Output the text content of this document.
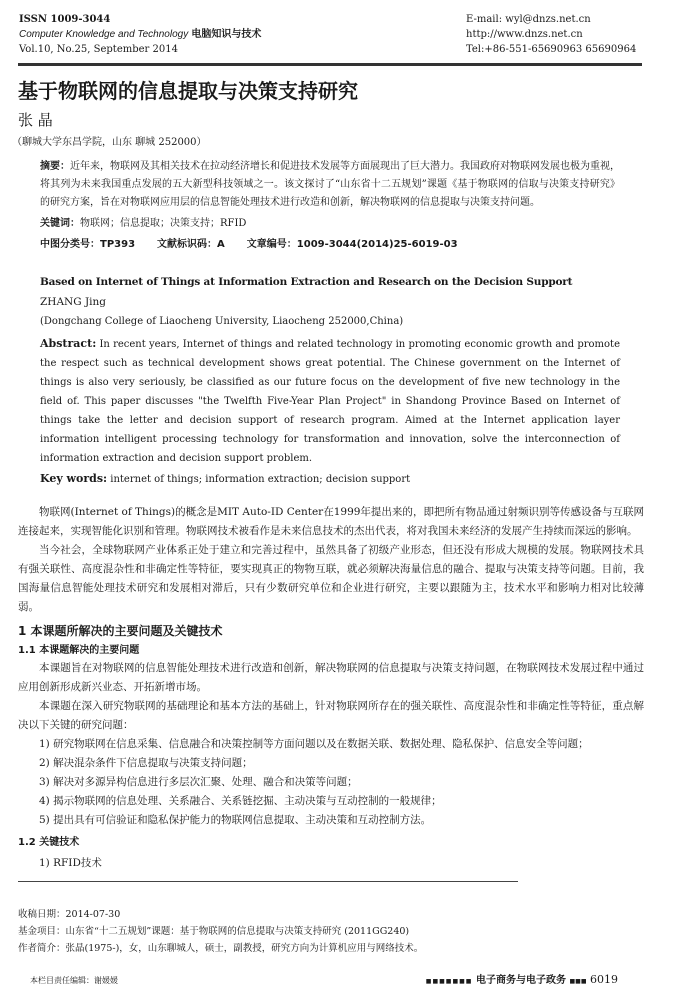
ISSN 1009-3044
Computer Knowledge and Technology 电脑知识与技术
Vol.10, No.25, September 2014
E-mail: wyl@dnzs.net.cn
http://www.dnzs.net.cn
Tel:+86-551-65690963 65690964
基于物联网的信息提取与决策支持研究
张 晶
（聊城大学东昌学院，山东 聊城 252000）
摘要：近年来，物联网及其相关技术在拉动经济增长和促进技术发展等方面展现出了巨大潜力。我国政府对物联网发展也极为重视，将其列为未来我国重点发展的五大新型科技领域之一。该文探讨了“山东省十二五规划”课题《基于物联网的信取与决策支持研究》的研究方案，旨在对物联网应用层的信息智能处理技术进行改造和创新，解决物联网的信息提取与决策支持问题。
关键词：物联网；信息提取；决策支持；RFID
中图分类号：TP393 文献标识码：A 文章编号：1009-3044(2014)25-6019-03
Based on Internet of Things at Information Extraction and Research on the Decision Support
ZHANG Jing
(Dongchang College of Liaocheng University, Liaocheng 252000,China)
Abstract: In recent years, Internet of things and related technology in promoting economic growth and promote the respect such as technical development shows great potential. The Chinese government on the Internet of things is also very seriously, be classified as our future focus on the development of five new technology in the field of. This paper discusses "the Twelfth Five-Year Plan Project" in Shandong Province Based on Internet of things take the letter and decision support of research program. Aimed at the Internet application layer information intelligent processing technology for transformation and innovation, solve the interconnection of information extraction and decision support problem.
Key words: internet of things; information extraction; decision support
物联网(Internet of Things)的概念是MIT Auto-ID Center在1999年提出来的，即把所有物品通过射频识别等传感设备与互联网连接起来，实现智能化识别和管理。物联网技术被看作是未来信息技术的杰出代表，将对我国未来经济的发展产生持续而深远的影响。
当今社会，全球物联网产业体系正处于建立和完善过程中，虽然具备了初级产业形态，但还没有形成大规模的发展。物联网技术具有强关联性、高度混杂性和非确定性等特征，要实现真正的物物互联，就必须解决海量信息的融合、提取与决策支持等问题。目前，我国海量信息智能处理技术研究和发展相对滞后，只有少数研究单位和企业进行研究，主要以跟随为主，技术水平和影响力相对比较薄弱。
1 本课题所解决的主要问题及关键技术
1.1 本课题解决的主要问题
本课题旨在对物联网的信息智能处理技术进行改造和创新，解决物联网的信息提取与决策支持问题，在物联网技术发展过程中通过应用创新形成新兴业态、开拓新增市场。
本课题在深入研究物联网的基础理论和基本方法的基础上，针对物联网所存在的强关联性、高度混杂性和非确定性等特征，重点解决以下关键的研究问题：
1) 研究物联网在信息采集、信息融合和决策控制等方面问题以及在数据关联、数据处理、隐私保护、信息安全等问题；
2) 解决混杂条件下信息提取与决策支持问题；
3) 解决对多源异构信息进行多层次汇聚、处理、融合和决策等问题；
4) 揭示物联网的信息处理、关系融合、关系链挖掘、主动决策与互动控制的一般规律；
5) 提出具有可信验证和隐私保护能力的物联网信息提取、主动决策和互动控制方法。
1.2 关键技术
1) RFID技术
收稿日期：2014-07-30
基金项目：山东省“十二五规划”课题：基于物联网的信息提取与决策支持研究 (2011GG240)
作者简介：张晶(1975-)，女，山东聊城人，硕士，副教授，研究方向为计算机应用与网络技术。
本栏目责任编辑：谢媛媛	■■■■■■■ 电子商务与电子政务 ■■■ 6019
